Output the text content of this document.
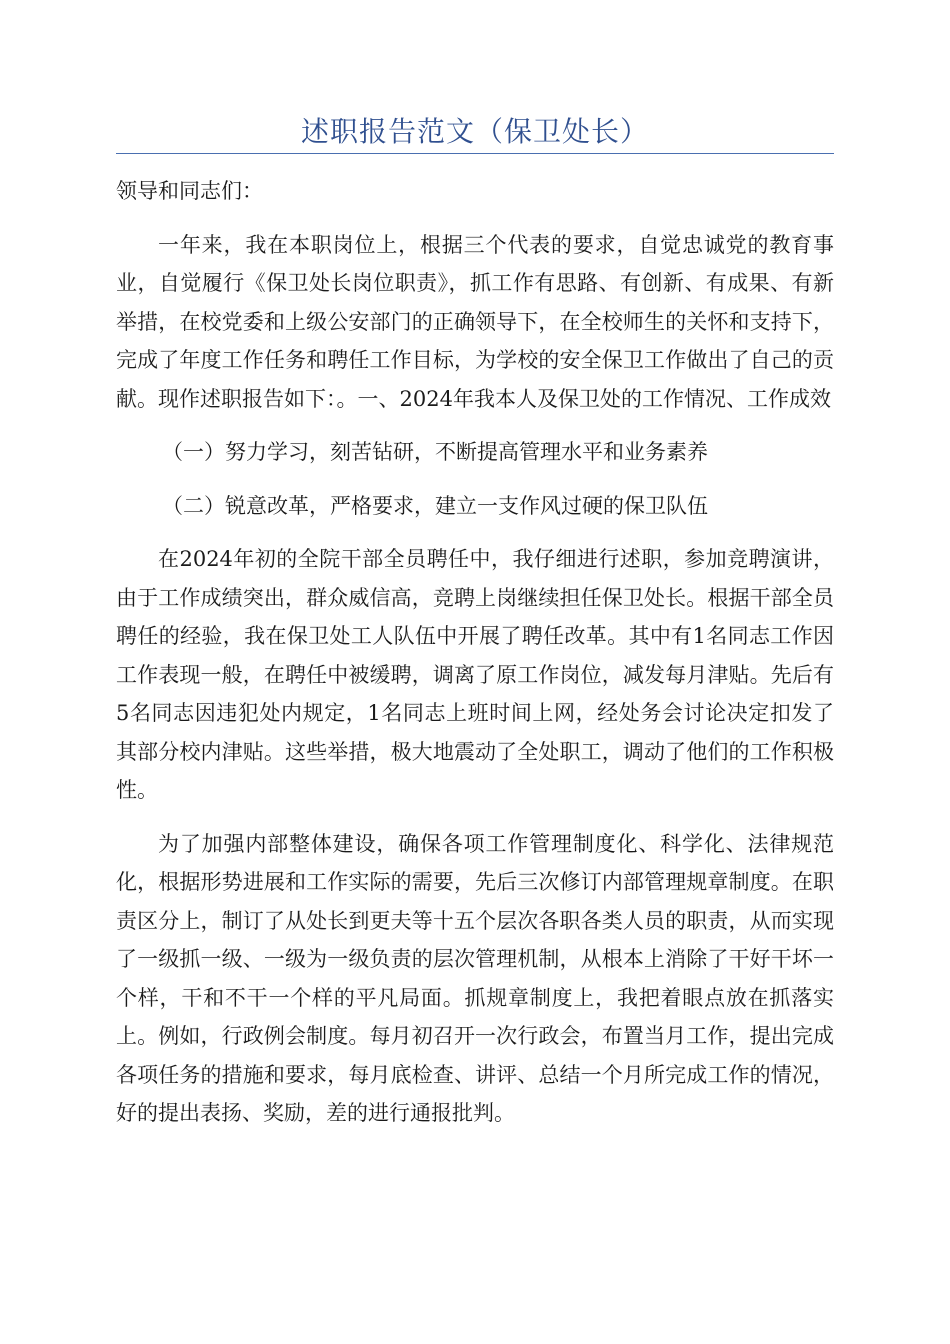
述职报告范文（保卫处长）

领导和同志们：

一年来，我在本职岗位上，根据三个代表的要求，自觉忠诚党的教育事业，自觉履行《保卫处长岗位职责》，抓工作有思路、有创新、有成果、有新举措，在校党委和上级公安部门的正确领导下，在全校师生的关怀和支持下，完成了年度工作任务和聘任工作目标，为学校的安全保卫工作做出了自己的贡献。现作述职报告如下：。一、2024年我本人及保卫处的工作情况、工作成效

（一）努力学习，刻苦钻研，不断提高管理水平和业务素养

（二）锐意改革，严格要求，建立一支作风过硬的保卫队伍

在2024年初的全院干部全员聘任中，我仔细进行述职，参加竞聘演讲，由于工作成绩突出，群众威信高，竞聘上岗继续担任保卫处长。根据干部全员聘任的经验，我在保卫处工人队伍中开展了聘任改革。其中有1名同志工作因工作表现一般，在聘任中被缓聘，调离了原工作岗位，减发每月津贴。先后有5名同志因违犯处内规定，1名同志上班时间上网，经处务会讨论决定扣发了其部分校内津贴。这些举措，极大地震动了全处职工，调动了他们的工作积极性。

为了加强内部整体建设，确保各项工作管理制度化、科学化、法律规范化，根据形势进展和工作实际的需要，先后三次修订内部管理规章制度。在职责区分上，制订了从处长到更夫等十五个层次各职各类人员的职责，从而实现了一级抓一级、一级为一级负责的层次管理机制，从根本上消除了干好干坏一个样，干和不干一个样的平凡局面。抓规章制度上，我把着眼点放在抓落实上。例如，行政例会制度。每月初召开一次行政会，布置当月工作，提出完成各项任务的措施和要求，每月底检查、讲评、总结一个月所完成工作的情况，好的提出表扬、奖励，差的进行通报批判。
